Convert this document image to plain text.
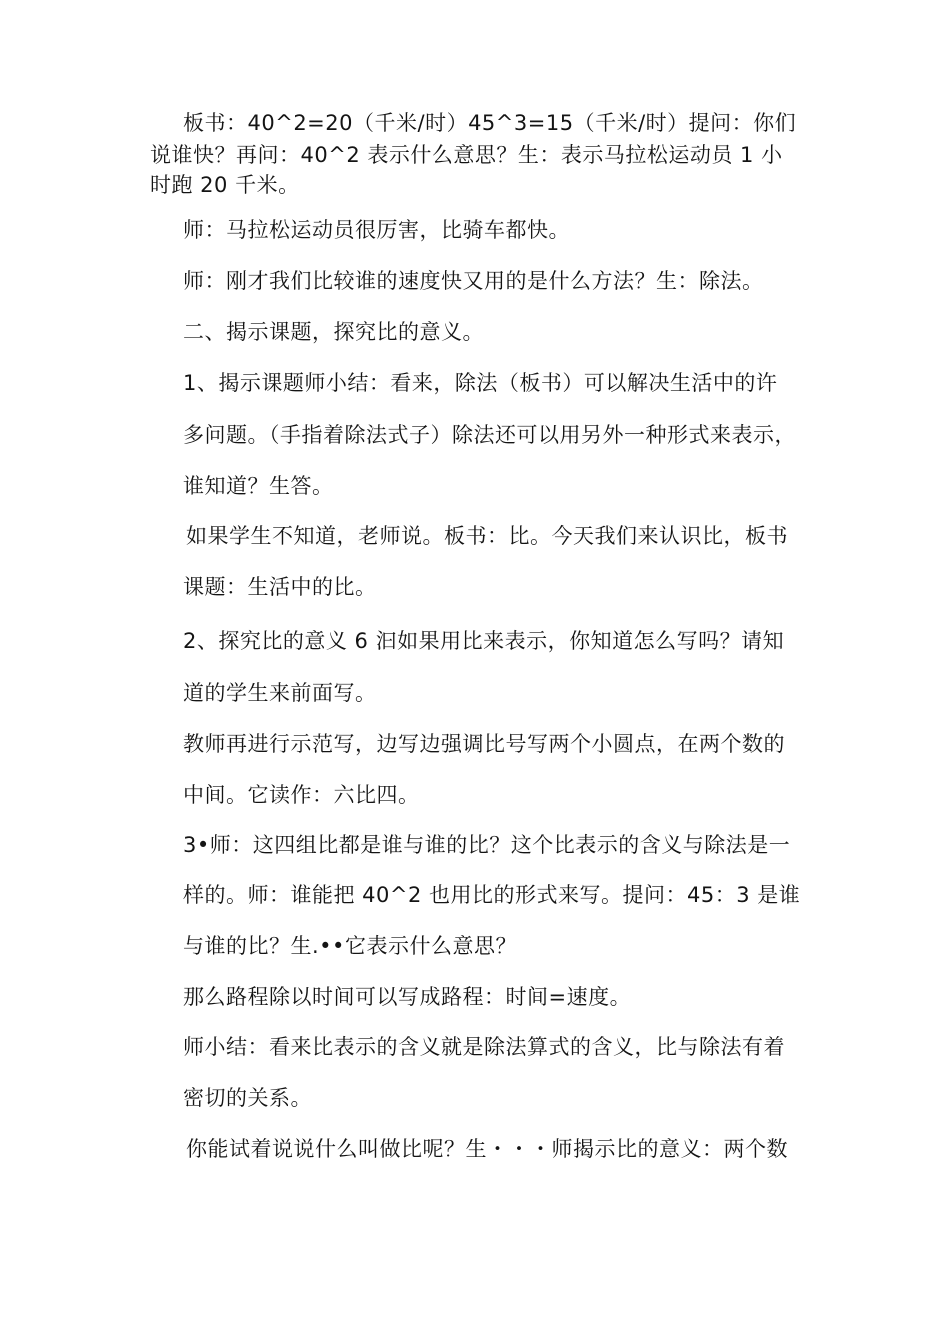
板书：40^2=20（千米/时）45^3=15（千米/时）提问：你们

说谁快？再问：40^2 表示什么意思？生：表示马拉松运动员 1 小

时跑 20 千米。

师：马拉松运动员很厉害，比骑车都快。

师：刚才我们比较谁的速度快又用的是什么方法？生：除法。

二、揭示课题，探究比的意义。

1、揭示课题师小结：看来，除法（板书）可以解决生活中的许

多问题。（手指着除法式子）除法还可以用另外一种形式来表示，

谁知道？生答。

如果学生不知道，老师说。板书：比。今天我们来认识比，板书

课题：生活中的比。

2、探究比的意义 6 汩如果用比来表示，你知道怎么写吗？请知

道的学生来前面写。

教师再进行示范写，边写边强调比号写两个小圆点，在两个数的

中间。它读作：六比四。

3•师：这四组比都是谁与谁的比？这个比表示的含义与除法是一

样的。师：谁能把 40^2 也用比的形式来写。提问：45：3 是谁

与谁的比？生.••它表示什么意思？

那么路程除以时间可以写成路程：时间=速度。

师小结：看来比表示的含义就是除法算式的含义，比与除法有着

密切的关系。

你能试着说说什么叫做比呢？生・・・师揭示比的意义：两个数
